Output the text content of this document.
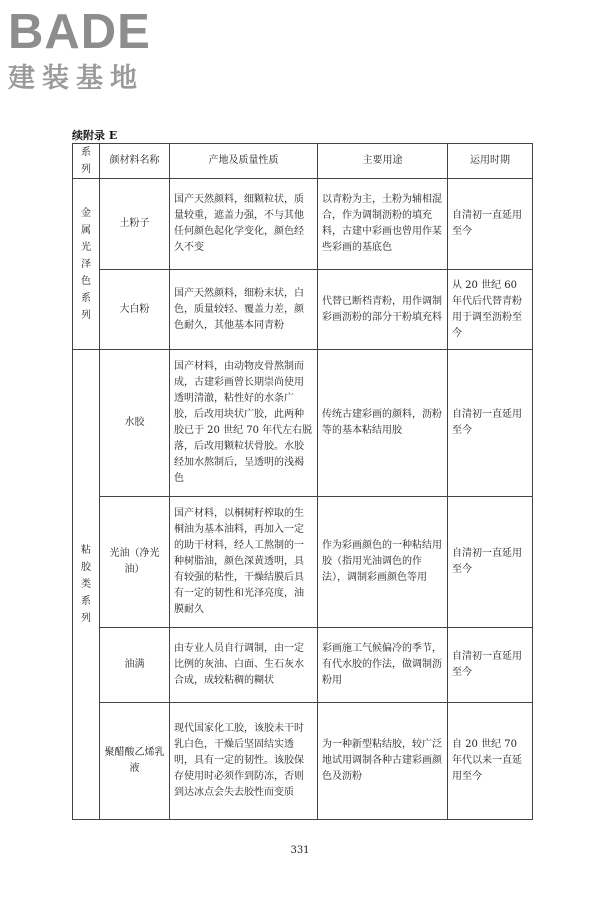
BADE
建装基地
续附录 E
系列	颜材料名称	产地及质量性质	主要用途	运用时期

金属光泽色系列	土粉子	国产天然颜料，细颗粒状，质量较重，遮盖力强，不与其他任何颜色起化学变化，颜色经久不变	以青粉为主，土粉为辅相混合，作为调制沥粉的填充料，古建中彩画也曾用作某些彩画的基底色	自清初一直延用至今
	大白粉	国产天然颜料，细粉末状，白色，质量较轻、覆盖力差，颜色耐久，其他基本同青粉	代替已断档青粉，用作调制彩画沥粉的部分干粉填充料	从 20 世纪 60 年代后代替青粉用于调至沥粉至今

粘胶类系列	水胶	国产材料，由动物皮骨熬制而成，古建彩画曾长期崇尚使用透明清澈，粘性好的水条广胶，后改用块状广胶，此两种胶已于 20 世纪 70 年代左右脱落，后改用颗粒状骨胶。水胶经加水熬制后，呈透明的浅褐色	传统古建彩画的颜料，沥粉等的基本粘结用胶	自清初一直延用至今
	光油（净光油）	国产材料，以桐树籽榨取的生桐油为基本油料，再加入一定的助干材料，经人工熬制的一种树脂油，颜色深黄透明，具有较强的粘性，干燥结膜后具有一定的韧性和光泽亮度，油膜耐久	作为彩画颜色的一种粘结用胶（指用光油调色的作法），调制彩画颜色等用	自清初一直延用至今
	油满	由专业人员自行调制，由一定比例的灰油、白面、生石灰水合成，成较粘稠的糊状	彩画施工气候偏冷的季节，有代水胶的作法，做调制沥粉用	自清初一直延用至今
	聚醋酸乙烯乳液	现代国家化工胶，该胶未干时乳白色，干燥后坚固结实透明，具有一定的韧性。该胶保存使用时必须作到防冻，否则到达冰点会失去胶性而变质	为一种新型粘结胶，较广泛地试用调制各种古建彩画颜色及沥粉	自 20 世纪 70 年代以来一直延用至今
331
